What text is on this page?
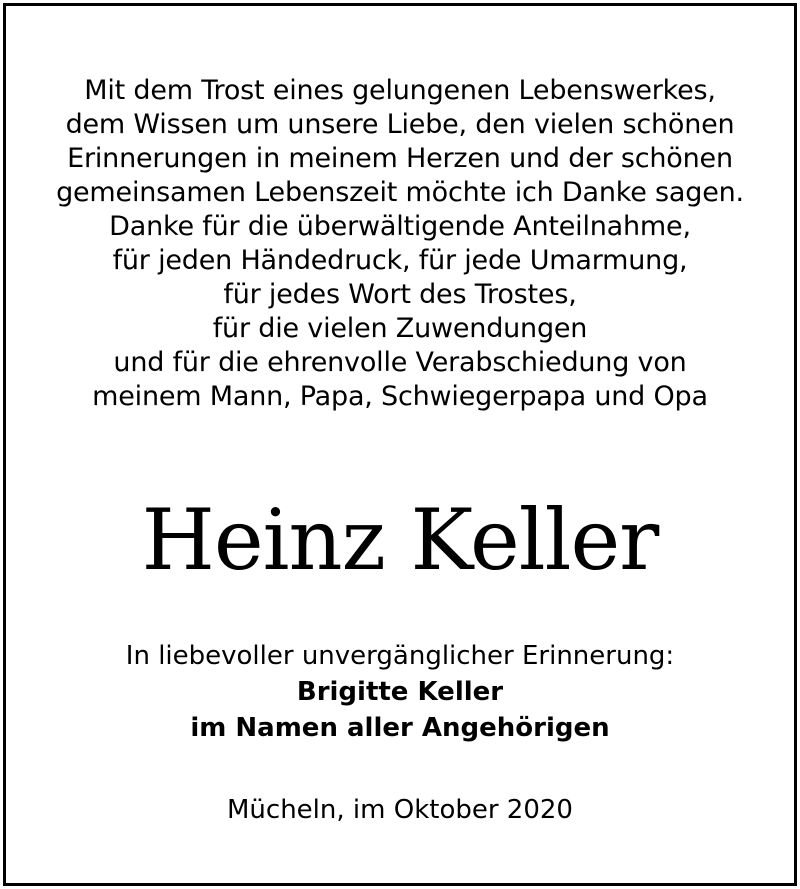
Mit dem Trost eines gelungenen Lebenswerkes,
dem Wissen um unsere Liebe, den vielen schönen
Erinnerungen in meinem Herzen und der schönen
gemeinsamen Lebenszeit möchte ich Danke sagen.
Danke für die überwältigende Anteilnahme,
für jeden Händedruck, für jede Umarmung,
für jedes Wort des Trostes,
für die vielen Zuwendungen
und für die ehrenvolle Verabschiedung von
meinem Mann, Papa, Schwiegerpapa und Opa
Heinz Keller
In liebevoller unvergänglicher Erinnerung:
Brigitte Keller
im Namen aller Angehörigen
Mücheln, im Oktober 2020
